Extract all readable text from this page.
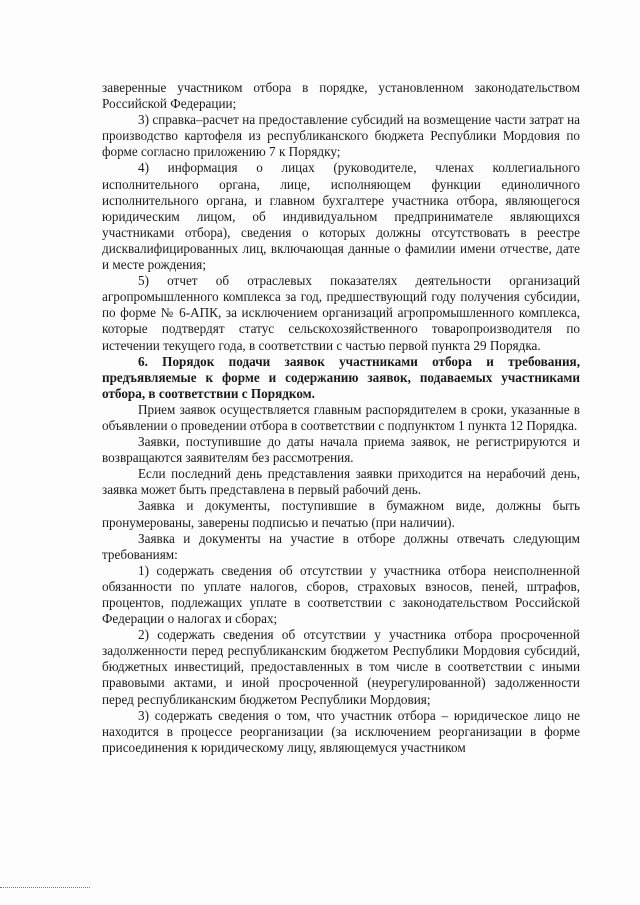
заверенные участником отбора в порядке, установленном законодательством Российской Федерации;

3) справка–расчет на предоставление субсидий на возмещение части затрат на производство картофеля из республиканского бюджета Республики Мордовия по форме согласно приложению 7 к Порядку;

4) информация о лицах (руководителе, членах коллегиального исполнительного органа, лице, исполняющем функции единоличного исполнительного органа, и главном бухгалтере участника отбора, являющегося юридическим лицом, об индивидуальном предпринимателе являющихся участниками отбора), сведения о которых должны отсутствовать в реестре дисквалифицированных лиц, включающая данные о фамилии имени отчестве, дате и месте рождения;

5) отчет об отраслевых показателях деятельности организаций агропромышленного комплекса за год, предшествующий году получения субсидии, по форме № 6-АПК, за исключением организаций агропромышленного комплекса, которые подтвердят статус сельскохозяйственного товаропроизводителя по истечении текущего года, в соответствии с частью первой пункта 29 Порядка.

6. Порядок подачи заявок участниками отбора и требования, предъявляемые к форме и содержанию заявок, подаваемых участниками отбора, в соответствии с Порядком.

Прием заявок осуществляется главным распорядителем в сроки, указанные в объявлении о проведении отбора в соответствии с подпунктом 1 пункта 12 Порядка.

Заявки, поступившие до даты начала приема заявок, не регистрируются и возвращаются заявителям без рассмотрения.

Если последний день представления заявки приходится на нерабочий день, заявка может быть представлена в первый рабочий день.

Заявка и документы, поступившие в бумажном виде, должны быть пронумерованы, заверены подписью и печатью (при наличии).

Заявка и документы на участие в отборе должны отвечать следующим требованиям:

1) содержать сведения об отсутствии у участника отбора неисполненной обязанности по уплате налогов, сборов, страховых взносов, пеней, штрафов, процентов, подлежащих уплате в соответствии с законодательством Российской Федерации о налогах и сборах;

2) содержать сведения об отсутствии у участника отбора просроченной задолженности перед республиканским бюджетом Республики Мордовия субсидий, бюджетных инвестиций, предоставленных в том числе в соответствии с иными правовыми актами, и иной просроченной (неурегулированной) задолженности перед республиканским бюджетом Республики Мордовия;

3) содержать сведения о том, что участник отбора – юридическое лицо не находится в процессе реорганизации (за исключением реорганизации в форме присоединения к юридическому лицу, являющемуся участником
